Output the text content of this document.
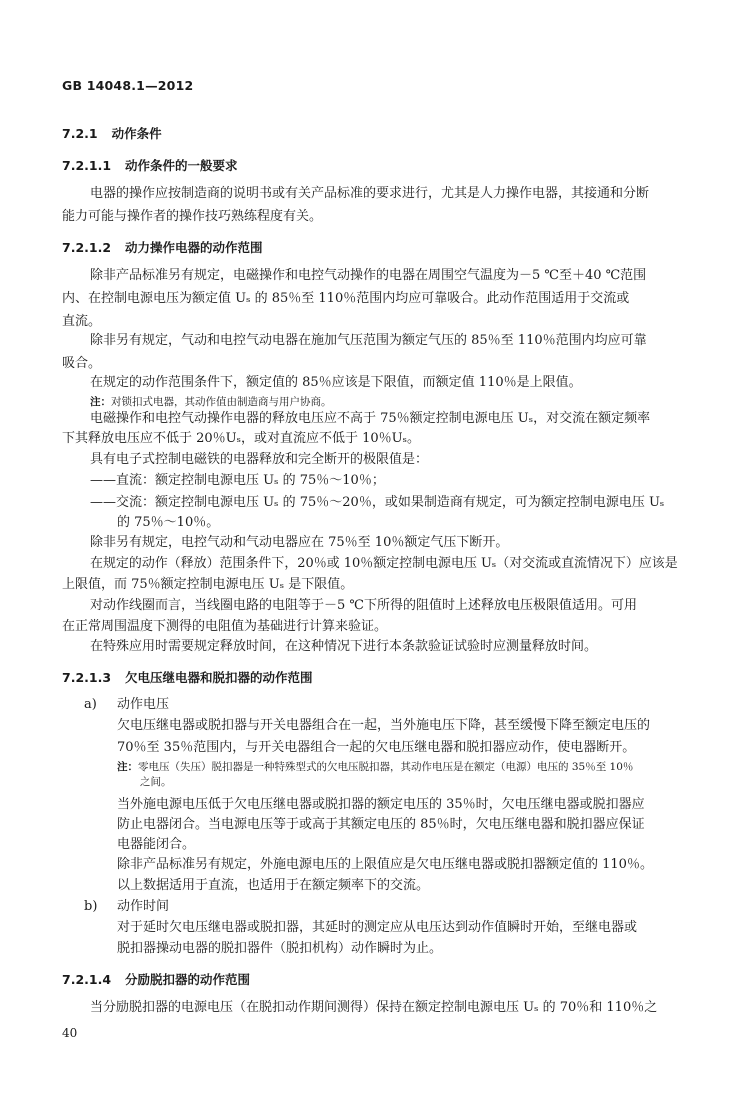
GB 14048.1—2012
7.2.1 动作条件
7.2.1.1 动作条件的一般要求
电器的操作应按制造商的说明书或有关产品标准的要求进行，尤其是人力操作电器，其接通和分断
能力可能与操作者的操作技巧熟练程度有关。
7.2.1.2 动力操作电器的动作范围
除非产品标准另有规定，电磁操作和电控气动操作的电器在周围空气温度为－5 ℃至＋40 ℃范围
内、在控制电源电压为额定值 Uₛ 的 85％至 110％范围内均应可靠吸合。此动作范围适用于交流或
直流。
除非另有规定，气动和电控气动电器在施加气压范围为额定气压的 85％至 110％范围内均应可靠
吸合。
在规定的动作范围条件下，额定值的 85％应该是下限值，而额定值 110％是上限值。
注：对锁扣式电器，其动作值由制造商与用户协商。
电磁操作和电控气动操作电器的释放电压应不高于 75％额定控制电源电压 Uₛ，对交流在额定频率
下其释放电压应不低于 20％Uₛ，或对直流应不低于 10％Uₛ。
具有电子式控制电磁铁的电器释放和完全断开的极限值是：
——直流：额定控制电源电压 Uₛ 的 75％～10％；
——交流：额定控制电源电压 Uₛ 的 75％～20％，或如果制造商有规定，可为额定控制电源电压 Uₛ
的 75％～10％。
除非另有规定，电控气动和气动电器应在 75％至 10％额定气压下断开。
在规定的动作（释放）范围条件下，20％或 10％额定控制电源电压 Uₛ（对交流或直流情况下）应该是
上限值，而 75％额定控制电源电压 Uₛ 是下限值。
对动作线圈而言，当线圈电路的电阻等于－5 ℃下所得的阻值时上述释放电压极限值适用。可用
在正常周围温度下测得的电阻值为基础进行计算来验证。
在特殊应用时需要规定释放时间，在这种情况下进行本条款验证试验时应测量释放时间。
7.2.1.3 欠电压继电器和脱扣器的动作范围
a) 动作电压
欠电压继电器或脱扣器与开关电器组合在一起，当外施电压下降，甚至缓慢下降至额定电压的
70％至 35％范围内，与开关电器组合一起的欠电压继电器和脱扣器应动作，使电器断开。
注：零电压（失压）脱扣器是一种特殊型式的欠电压脱扣器，其动作电压是在额定（电源）电压的 35％至 10％
之间。
当外施电源电压低于欠电压继电器或脱扣器的额定电压的 35％时，欠电压继电器或脱扣器应
防止电器闭合。当电源电压等于或高于其额定电压的 85％时，欠电压继电器和脱扣器应保证
电器能闭合。
除非产品标准另有规定，外施电源电压的上限值应是欠电压继电器或脱扣器额定值的 110％。
以上数据适用于直流，也适用于在额定频率下的交流。
b) 动作时间
对于延时欠电压继电器或脱扣器，其延时的测定应从电压达到动作值瞬时开始，至继电器或
脱扣器操动电器的脱扣器件（脱扣机构）动作瞬时为止。
7.2.1.4 分励脱扣器的动作范围
当分励脱扣器的电源电压（在脱扣动作期间测得）保持在额定控制电源电压 Uₛ 的 70％和 110％之
40
